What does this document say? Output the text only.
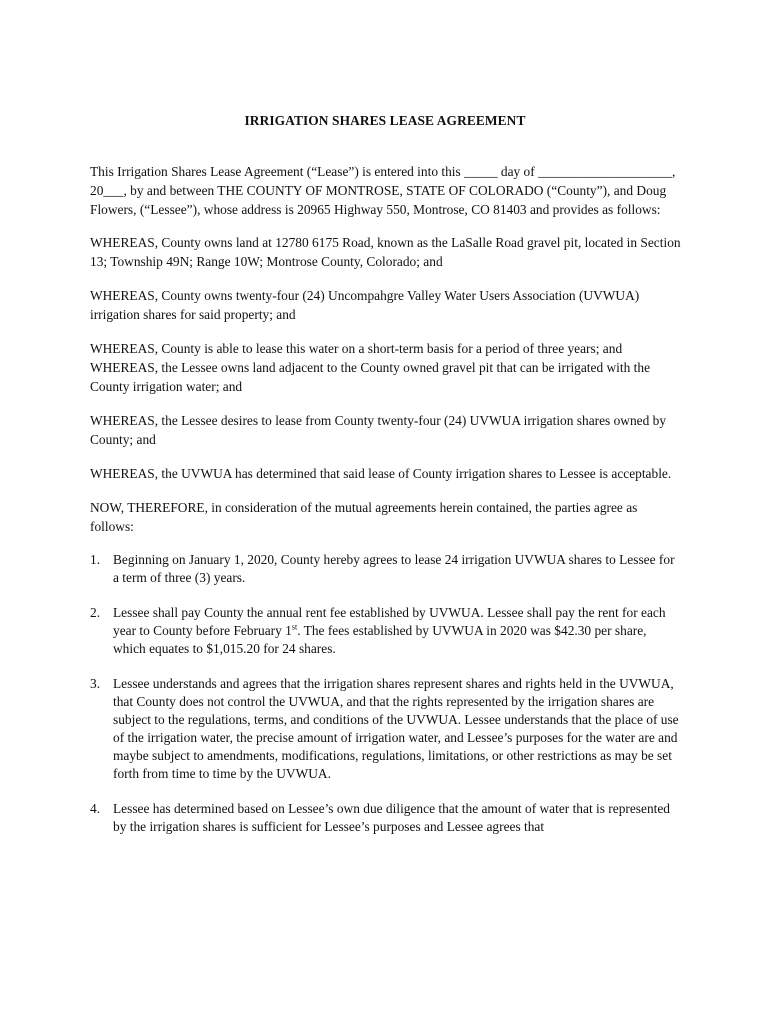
IRRIGATION SHARES LEASE AGREEMENT

This Irrigation Shares Lease Agreement (“Lease”) is entered into this _____ day of ____________________, 20___, by and between THE COUNTY OF MONTROSE, STATE OF COLORADO (“County”), and Doug Flowers, (“Lessee”), whose address is 20965 Highway 550, Montrose, CO 81403 and provides as follows:

WHEREAS, County owns land at 12780 6175 Road, known as the LaSalle Road gravel pit, located in Section 13; Township 49N; Range 10W; Montrose County, Colorado; and

WHEREAS, County owns twenty-four (24) Uncompahgre Valley Water Users Association (UVWUA) irrigation shares for said property; and

WHEREAS, County is able to lease this water on a short-term basis for a period of three years; and WHEREAS, the Lessee owns land adjacent to the County owned gravel pit that can be irrigated with the County irrigation water; and

WHEREAS, the Lessee desires to lease from County twenty-four (24) UVWUA irrigation shares owned by County; and

WHEREAS, the UVWUA has determined that said lease of County irrigation shares to Lessee is acceptable.

NOW, THEREFORE, in consideration of the mutual agreements herein contained, the parties agree as follows:

1. Beginning on January 1, 2020, County hereby agrees to lease 24 irrigation UVWUA shares to Lessee for a term of three (3) years.
2. Lessee shall pay County the annual rent fee established by UVWUA. Lessee shall pay the rent for each year to County before February 1st. The fees established by UVWUA in 2020 was $42.30 per share, which equates to $1,015.20 for 24 shares.
3. Lessee understands and agrees that the irrigation shares represent shares and rights held in the UVWUA, that County does not control the UVWUA, and that the rights represented by the irrigation shares are subject to the regulations, terms, and conditions of the UVWUA. Lessee understands that the place of use of the irrigation water, the precise amount of irrigation water, and Lessee’s purposes for the water are and maybe subject to amendments, modifications, regulations, limitations, or other restrictions as may be set forth from time to time by the UVWUA.
4. Lessee has determined based on Lessee’s own due diligence that the amount of water that is represented by the irrigation shares is sufficient for Lessee’s purposes and Lessee agrees that
